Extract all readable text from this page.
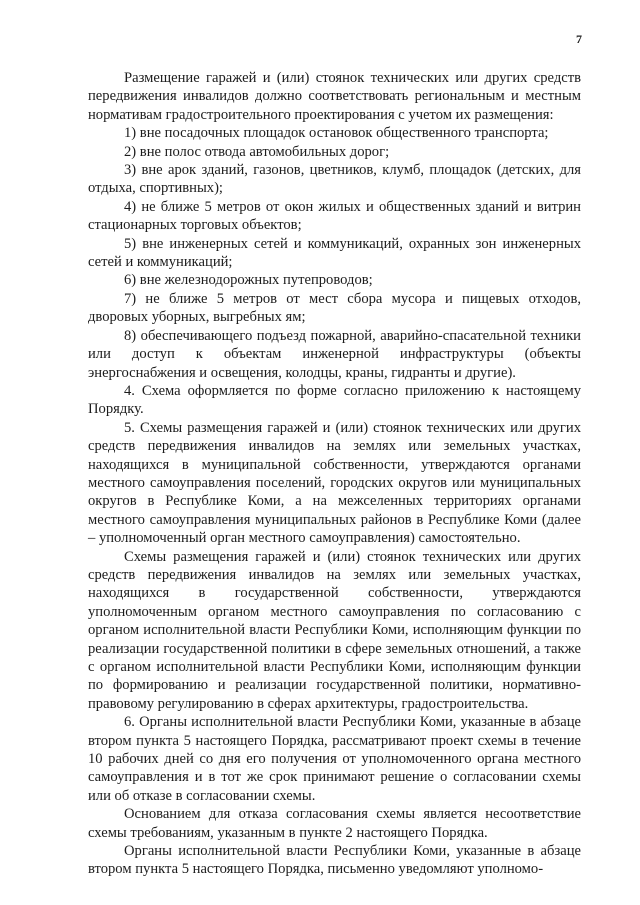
7

Размещение гаражей и (или) стоянок технических или других средств передвижения инвалидов должно соответствовать региональным и местным нормативам градостроительного проектирования с учетом их размещения:

1) вне посадочных площадок остановок общественного транспорта;

2) вне полос отвода автомобильных дорог;

3) вне арок зданий, газонов, цветников, клумб, площадок (детских, для отдыха, спортивных);

4) не ближе 5 метров от окон жилых и общественных зданий и витрин стационарных торговых объектов;

5) вне инженерных сетей и коммуникаций, охранных зон инженерных сетей и коммуникаций;

6) вне железнодорожных путепроводов;

7) не ближе 5 метров от мест сбора мусора и пищевых отходов, дворовых уборных, выгребных ям;

8) обеспечивающего подъезд пожарной, аварийно-спасательной техники или доступ к объектам инженерной инфраструктуры (объекты энергоснабжения и освещения, колодцы, краны, гидранты и другие).

4. Схема оформляется по форме согласно приложению к настоящему Порядку.

5. Схемы размещения гаражей и (или) стоянок технических или других средств передвижения инвалидов на землях или земельных участках, находящихся в муниципальной собственности, утверждаются органами местного самоуправления поселений, городских округов или муниципальных округов в Республике Коми, а на межселенных территориях органами местного самоуправления муниципальных районов в Республике Коми (далее – уполномоченный орган местного самоуправления) самостоятельно.

Схемы размещения гаражей и (или) стоянок технических или других средств передвижения инвалидов на землях или земельных участках, находящихся в государственной собственности, утверждаются уполномоченным органом местного самоуправления по согласованию с органом исполнительной власти Республики Коми, исполняющим функции по реализации государственной политики в сфере земельных отношений, а также с органом исполнительной власти Республики Коми, исполняющим функции по формированию и реализации государственной политики, нормативно-правовому регулированию в сферах архитектуры, градостроительства.

6. Органы исполнительной власти Республики Коми, указанные в абзаце втором пункта 5 настоящего Порядка, рассматривают проект схемы в течение 10 рабочих дней со дня его получения от уполномоченного органа местного самоуправления и в тот же срок принимают решение о согласовании схемы или об отказе в согласовании схемы.

Основанием для отказа согласования схемы является несоответствие схемы требованиям, указанным в пункте 2 настоящего Порядка.

Органы исполнительной власти Республики Коми, указанные в абзаце втором пункта 5 настоящего Порядка, письменно уведомляют уполномо-
